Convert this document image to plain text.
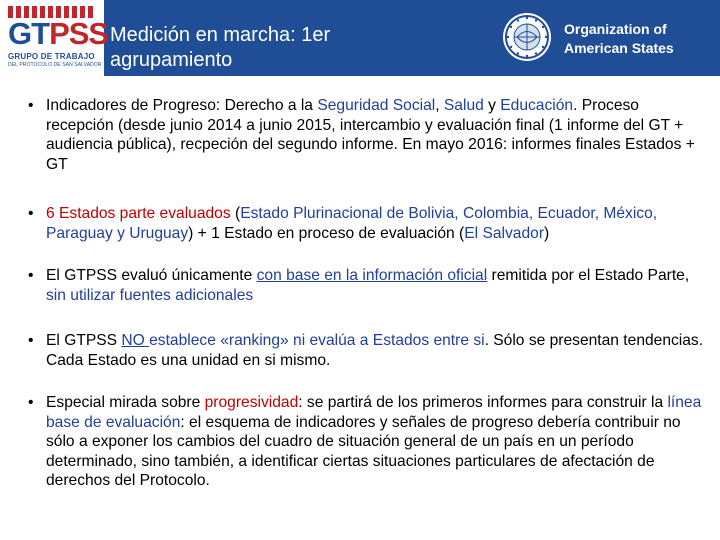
GTPSS
GRUPO DE TRABAJO
DEL PROTOCOLO DE SAN SALVADOR
Medición en marcha: 1er
agrupamiento
Organization of
American States
• Indicadores de Progreso: Derecho a la Seguridad Social, Salud y Educación. Proceso recepción (desde junio 2014 a junio 2015, intercambio y evaluación final (1 informe del GT + audiencia pública), recpeción del segundo informe. En mayo 2016: informes finales Estados + GT
• 6 Estados parte evaluados (Estado Plurinacional de Bolivia, Colombia, Ecuador, México, Paraguay y Uruguay) + 1 Estado en proceso de evaluación (El Salvador)
• El GTPSS evaluó únicamente con base en la información oficial remitida por el Estado Parte, sin utilizar fuentes adicionales
• El GTPSS NO establece «ranking» ni evalúa a Estados entre si. Sólo se presentan tendencias. Cada Estado es una unidad en si mismo.
• Especial mirada sobre progresividad: se partirá de los primeros informes para construir la línea base de evaluación: el esquema de indicadores y señales de progreso debería contribuir no sólo a exponer los cambios del cuadro de situación general de un país en un período determinado, sino también, a identificar ciertas situaciones particulares de afectación de derechos del Protocolo.
